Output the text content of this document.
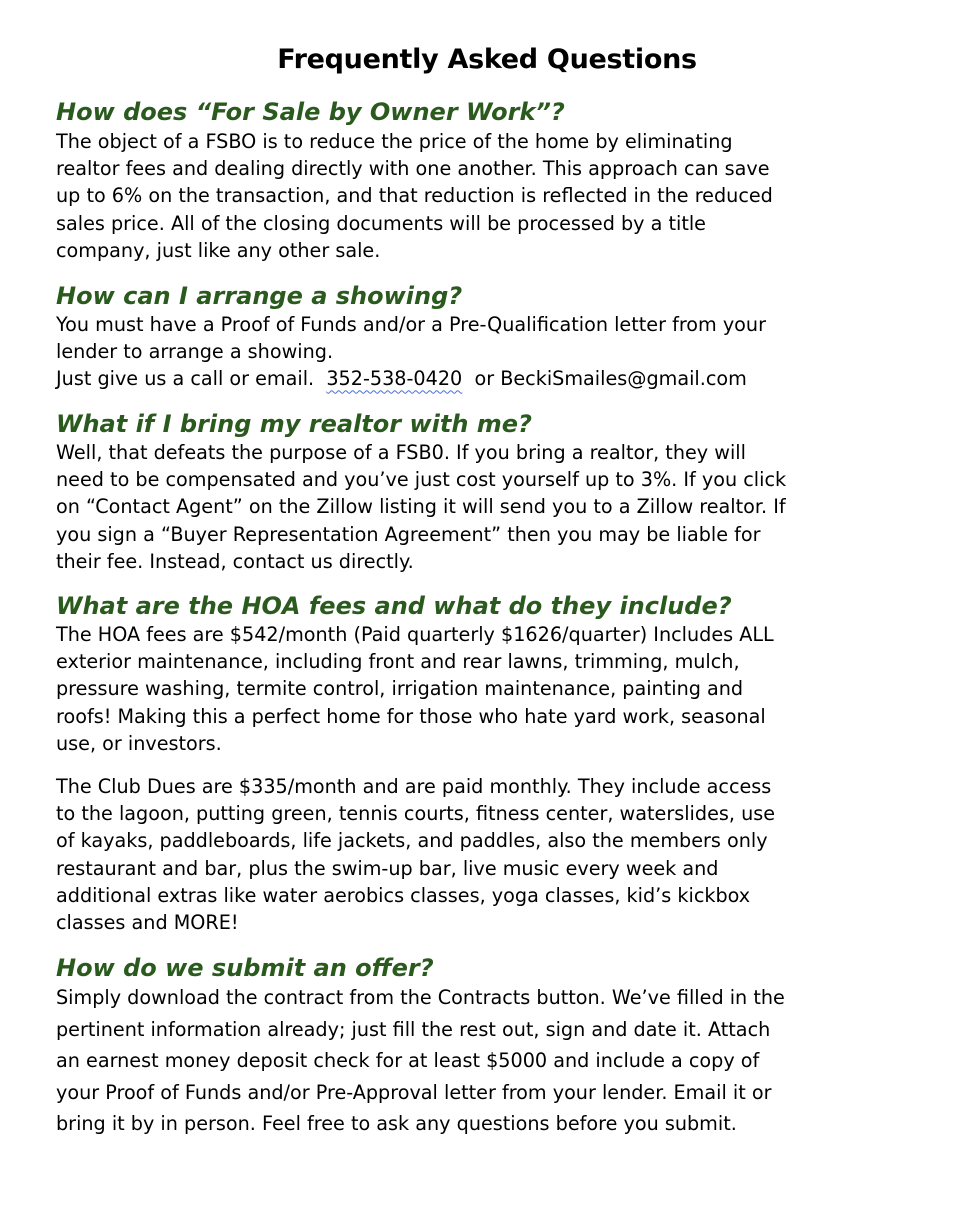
Frequently Asked Questions
How does “For Sale by Owner Work”?
The object of a FSBO is to reduce the price of the home by eliminating
realtor fees and dealing directly with one another. This approach can save
up to 6% on the transaction, and that reduction is reflected in the reduced
sales price. All of the closing documents will be processed by a title
company, just like any other sale.
How can I arrange a showing?
You must have a Proof of Funds and/or a Pre-Qualification letter from your
lender to arrange a showing.
Just give us a call or email.  352-538-0420  or BeckiSmailes@gmail.com
What if I bring my realtor with me?
Well, that defeats the purpose of a FSB0. If you bring a realtor, they will
need to be compensated and you’ve just cost yourself up to 3%. If you click
on “Contact Agent” on the Zillow listing it will send you to a Zillow realtor. If
you sign a “Buyer Representation Agreement” then you may be liable for
their fee. Instead, contact us directly.
What are the HOA fees and what do they include?
The HOA fees are $542/month (Paid quarterly $1626/quarter) Includes ALL
exterior maintenance, including front and rear lawns, trimming, mulch,
pressure washing, termite control, irrigation maintenance, painting and
roofs! Making this a perfect home for those who hate yard work, seasonal
use, or investors.
The Club Dues are $335/month and are paid monthly. They include access
to the lagoon, putting green, tennis courts, fitness center, waterslides, use
of kayaks, paddleboards, life jackets, and paddles, also the members only
restaurant and bar, plus the swim-up bar, live music every week and
additional extras like water aerobics classes, yoga classes, kid’s kickbox
classes and MORE!
How do we submit an offer?
Simply download the contract from the Contracts button. We’ve filled in the
pertinent information already; just fill the rest out, sign and date it. Attach
an earnest money deposit check for at least $5000 and include a copy of
your Proof of Funds and/or Pre-Approval letter from your lender. Email it or
bring it by in person. Feel free to ask any questions before you submit.
